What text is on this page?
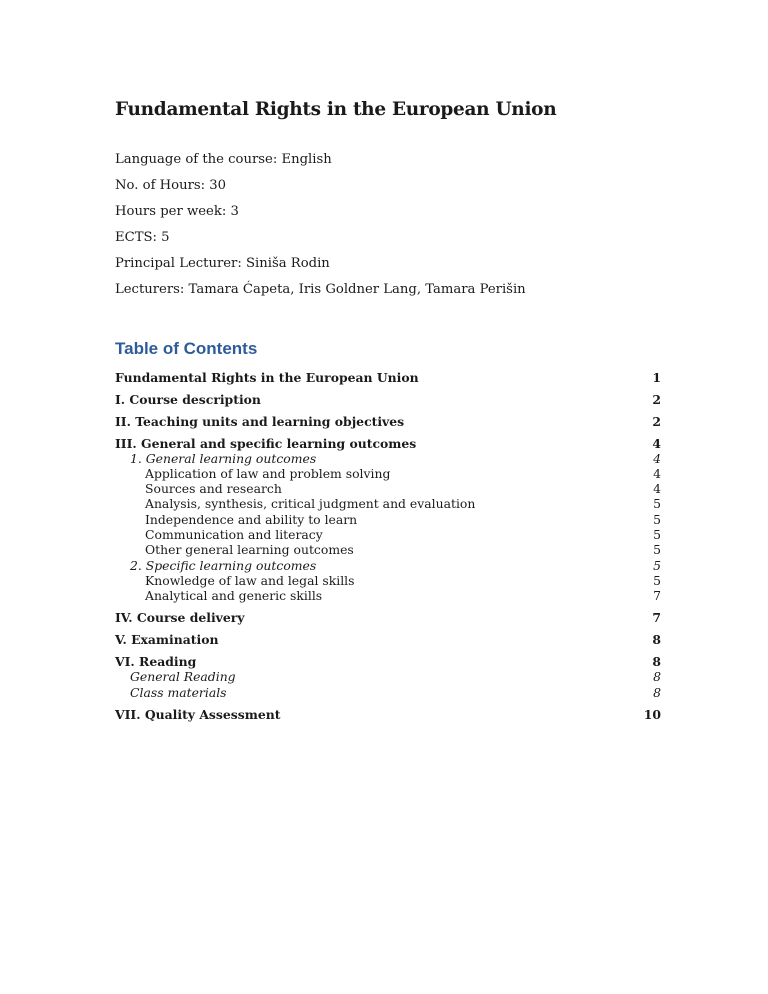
Fundamental Rights in the European Union
Language of the course: English
No. of Hours: 30
Hours per week: 3
ECTS: 5
Principal Lecturer: Siniša Rodin
Lecturers: Tamara Ćapeta, Iris Goldner Lang, Tamara Perišin
Table of Contents
Fundamental Rights in the European Union	1
I. Course description	2
II. Teaching units and learning objectives	2
III. General and specific learning outcomes	4
1. General learning outcomes	4
Application of law and problem solving	4
Sources and research	4
Analysis, synthesis, critical judgment and evaluation	5
Independence and ability to learn	5
Communication and literacy	5
Other general learning outcomes	5
2. Specific learning outcomes	5
Knowledge of law and legal skills	5
Analytical and generic skills	7
IV. Course delivery	7
V. Examination	8
VI. Reading	8
General Reading	8
Class materials	8
VII. Quality Assessment	10
